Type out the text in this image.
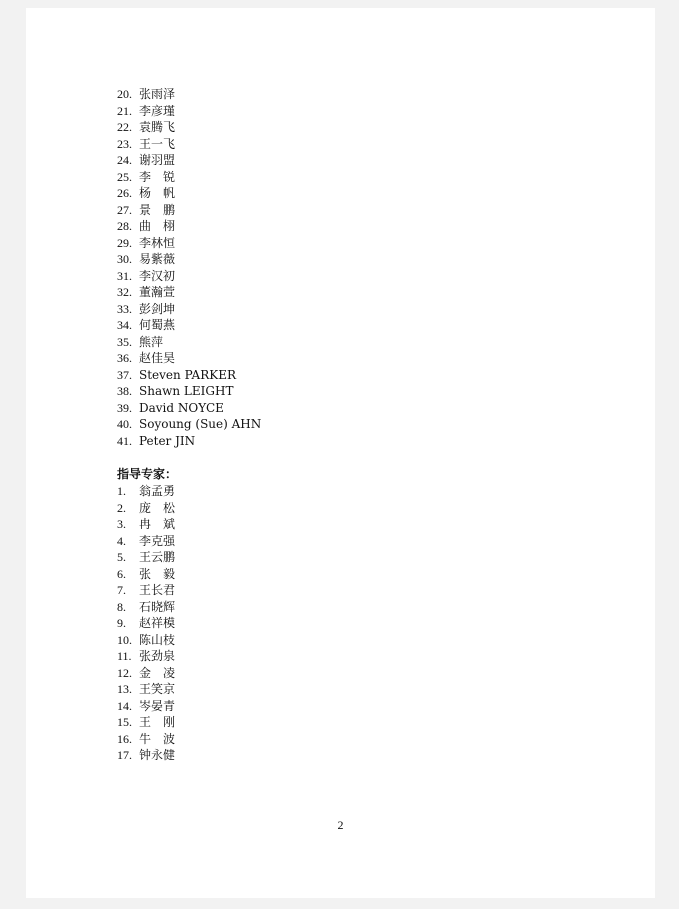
20. 张雨泽
21. 李彦瑾
22. 袁腾飞
23. 王一飞
24. 谢羽盟
25. 李　锐
26. 杨　帆
27. 景　鹏
28. 曲　栩
29. 李林恒
30. 易紫薇
31. 李汉初
32. 董瀚萱
33. 彭剑坤
34. 何蜀燕
35. 熊萍
36. 赵佳昊
37. Steven PARKER
38. Shawn LEIGHT
39. David NOYCE
40. Soyoung (Sue) AHN
41. Peter JIN
指导专家：
1.	翁孟勇
2.	庞　松
3.	冉　斌
4.	李克强
5.	王云鹏
6.	张　毅
7.	王长君
8.	石晓辉
9.	赵祥模
10. 陈山枝
11. 张劲泉
12. 金　凌
13. 王笑京
14. 岑晏青
15. 王　刚
16. 牛　波
17. 钟永健
2
